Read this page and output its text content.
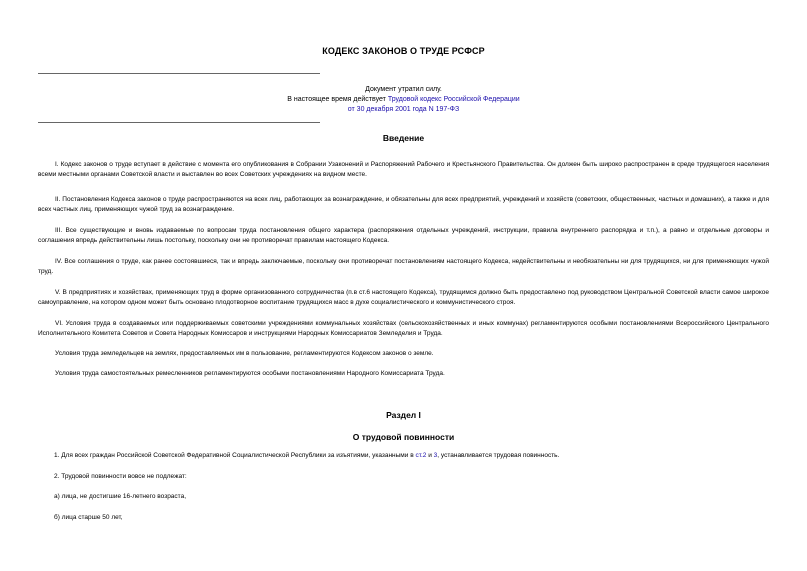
КОДЕКС ЗАКОНОВ О ТРУДЕ РСФСР
Документ утратил силу.
В настоящее время действует Трудовой кодекс Российской Федерации
от 30 декабря 2001 года N 197-ФЗ
Введение
I. Кодекс законов о труде вступает в действие с момента его опубликования в Собрании Узаконений и Распоряжений Рабочего и Крестьянского Правительства. Он должен быть широко распространен в среде трудящегося населения всеми местными органами Советской власти и выставлен во всех Советских учреждениях на видном месте.
II. Постановления Кодекса законов о труде распространяются на всех лиц, работающих за вознаграждение, и обязательны для всех предприятий, учреждений и хозяйств (советских, общественных, частных и домашних), а также и для всех частных лиц, применяющих чужой труд за вознаграждение.
III. Все существующие и вновь издаваемые по вопросам труда постановления общего характера (распоряжения отдельных учреждений, инструкции, правила внутреннего распорядка и т.п.), а равно и отдельные договоры и соглашения впредь действительны лишь постольку, поскольку они не противоречат правилам настоящего Кодекса.
IV. Все соглашения о труде, как ранее состоявшиеся, так и впредь заключаемые, поскольку они противоречат постановлениям настоящего Кодекса, недействительны и необязательны ни для трудящихся, ни для применяющих чужой труд.
V. В предприятиях и хозяйствах, применяющих труд в форме организованного сотрудничества (п.в ст.6 настоящего Кодекса), трудящимся должно быть предоставлено под руководством Центральной Советской власти самое широкое самоуправление, на котором одном может быть основано плодотворное воспитание трудящихся масс в духе социалистического и коммунистического строя.
VI. Условия труда в создаваемых или поддерживаемых советскими учреждениями коммунальных хозяйствах (сельскохозяйственных и иных коммунах) регламентируются особыми постановлениями Всероссийского Центрального Исполнительного Комитета Советов и Совета Народных Комиссаров и инструкциями Народных Комиссариатов Земледелия и Труда.
Условия труда земледельцев на землях, предоставляемых им в пользование, регламентируются Кодексом законов о земле.
Условия труда самостоятельных ремесленников регламентируются особыми постановлениями Народного Комиссариата Труда.
Раздел I
О трудовой повинности
1. Для всех граждан Российской Советской Федеративной Социалистической Республики за изъятиями, указанными в ст.2 и 3, устанавливается трудовая повинность.
2. Трудовой повинности вовсе не подлежат:
а) лица, не достигшие 16-летнего возраста,
б) лица старше 50 лет,
